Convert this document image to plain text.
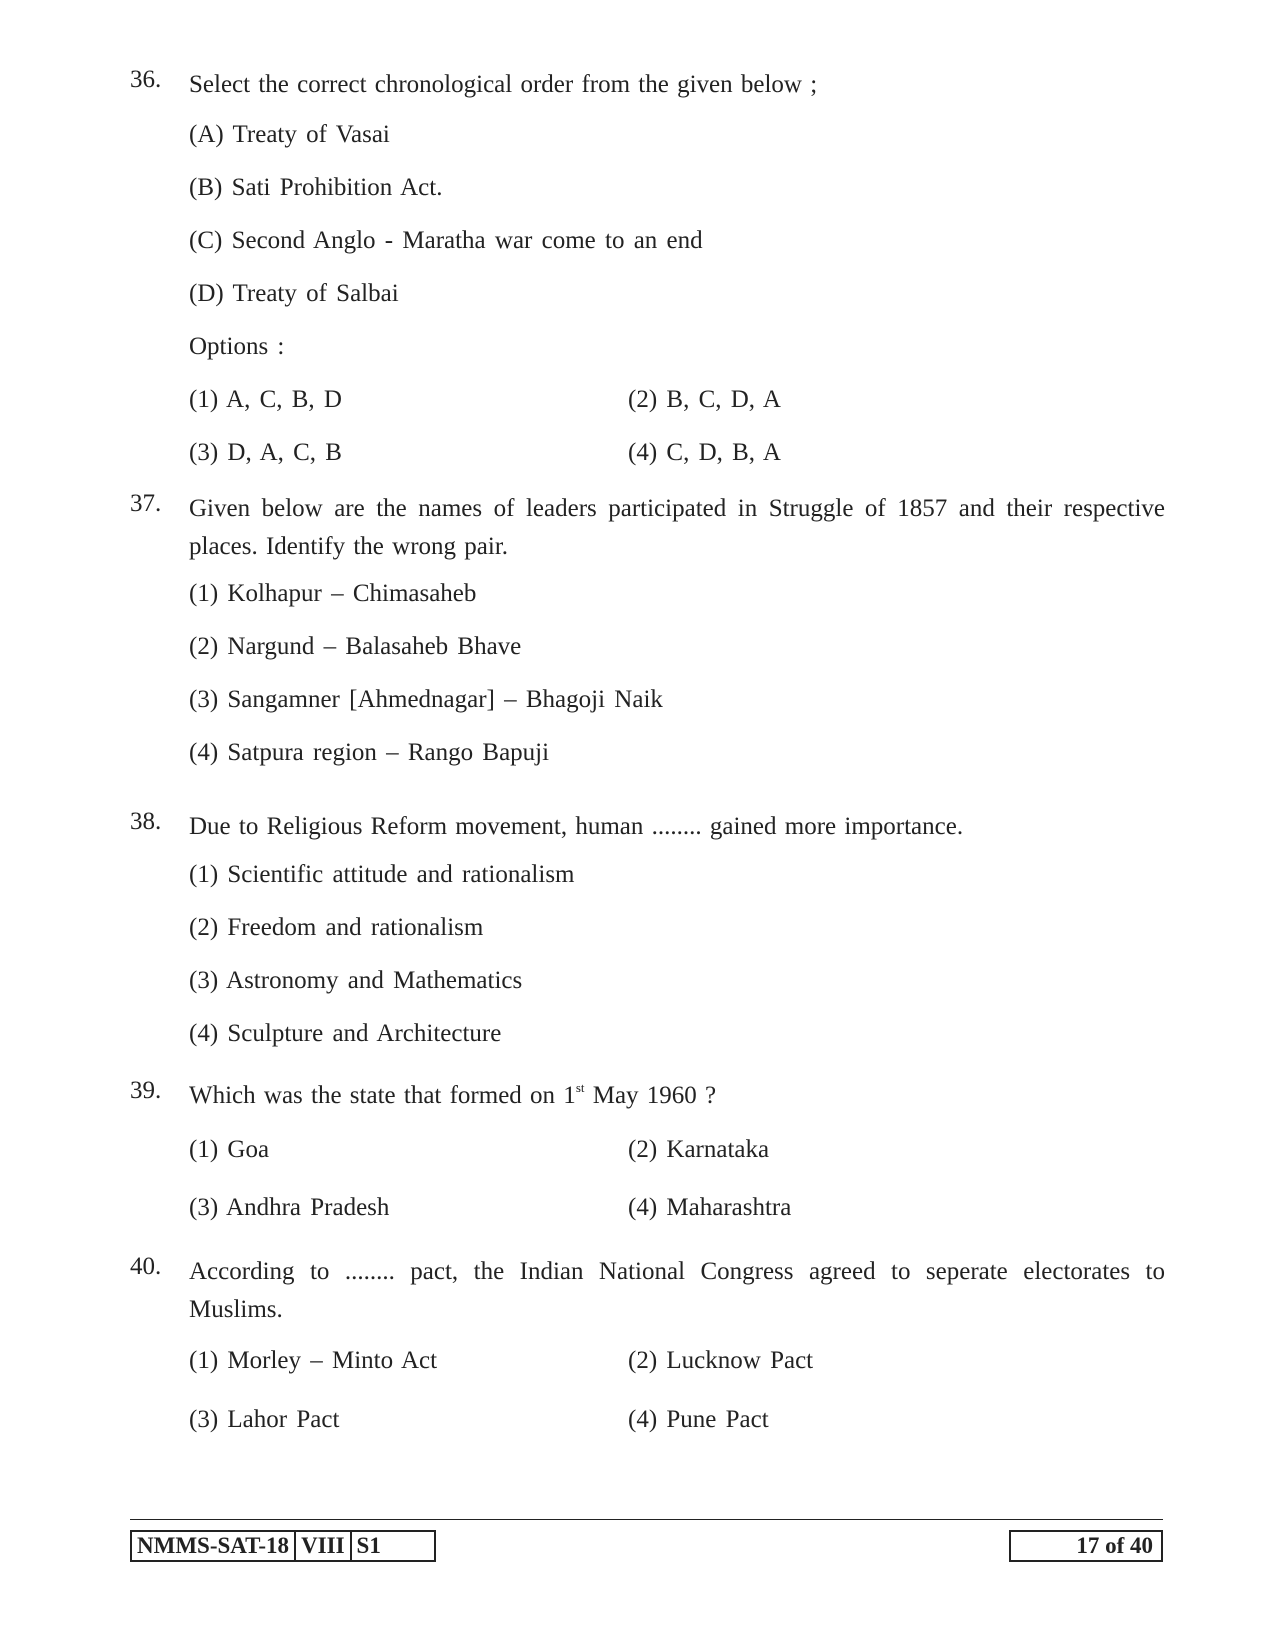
36.	Select the correct chronological order from the given below ;
(A) Treaty of Vasai
(B) Sati Prohibition Act.
(C) Second Anglo - Maratha war come to an end
(D) Treaty of Salbai
Options :
(1) A, C, B, D	(2) B, C, D, A
(3) D, A, C, B	(4) C, D, B, A
37.	Given below are the names of leaders participated in Struggle of 1857 and their respective places. Identify the wrong pair.
(1) Kolhapur – Chimasaheb
(2) Nargund – Balasaheb Bhave
(3) Sangamner [Ahmednagar] – Bhagoji Naik
(4) Satpura region – Rango Bapuji
38.	Due to Religious Reform movement, human ........ gained more importance.
(1) Scientific attitude and rationalism
(2) Freedom and rationalism
(3) Astronomy and Mathematics
(4) Sculpture and Architecture
39.	Which was the state that formed on 1st May 1960 ?
(1) Goa	(2) Karnataka
(3) Andhra Pradesh	(4) Maharashtra
40.	According to ........ pact, the Indian National Congress agreed to seperate electorates to Muslims.
(1) Morley – Minto Act	(2) Lucknow Pact
(3) Lahor Pact	(4) Pune Pact
NMMS-SAT-18 VIII S1	17 of 40
